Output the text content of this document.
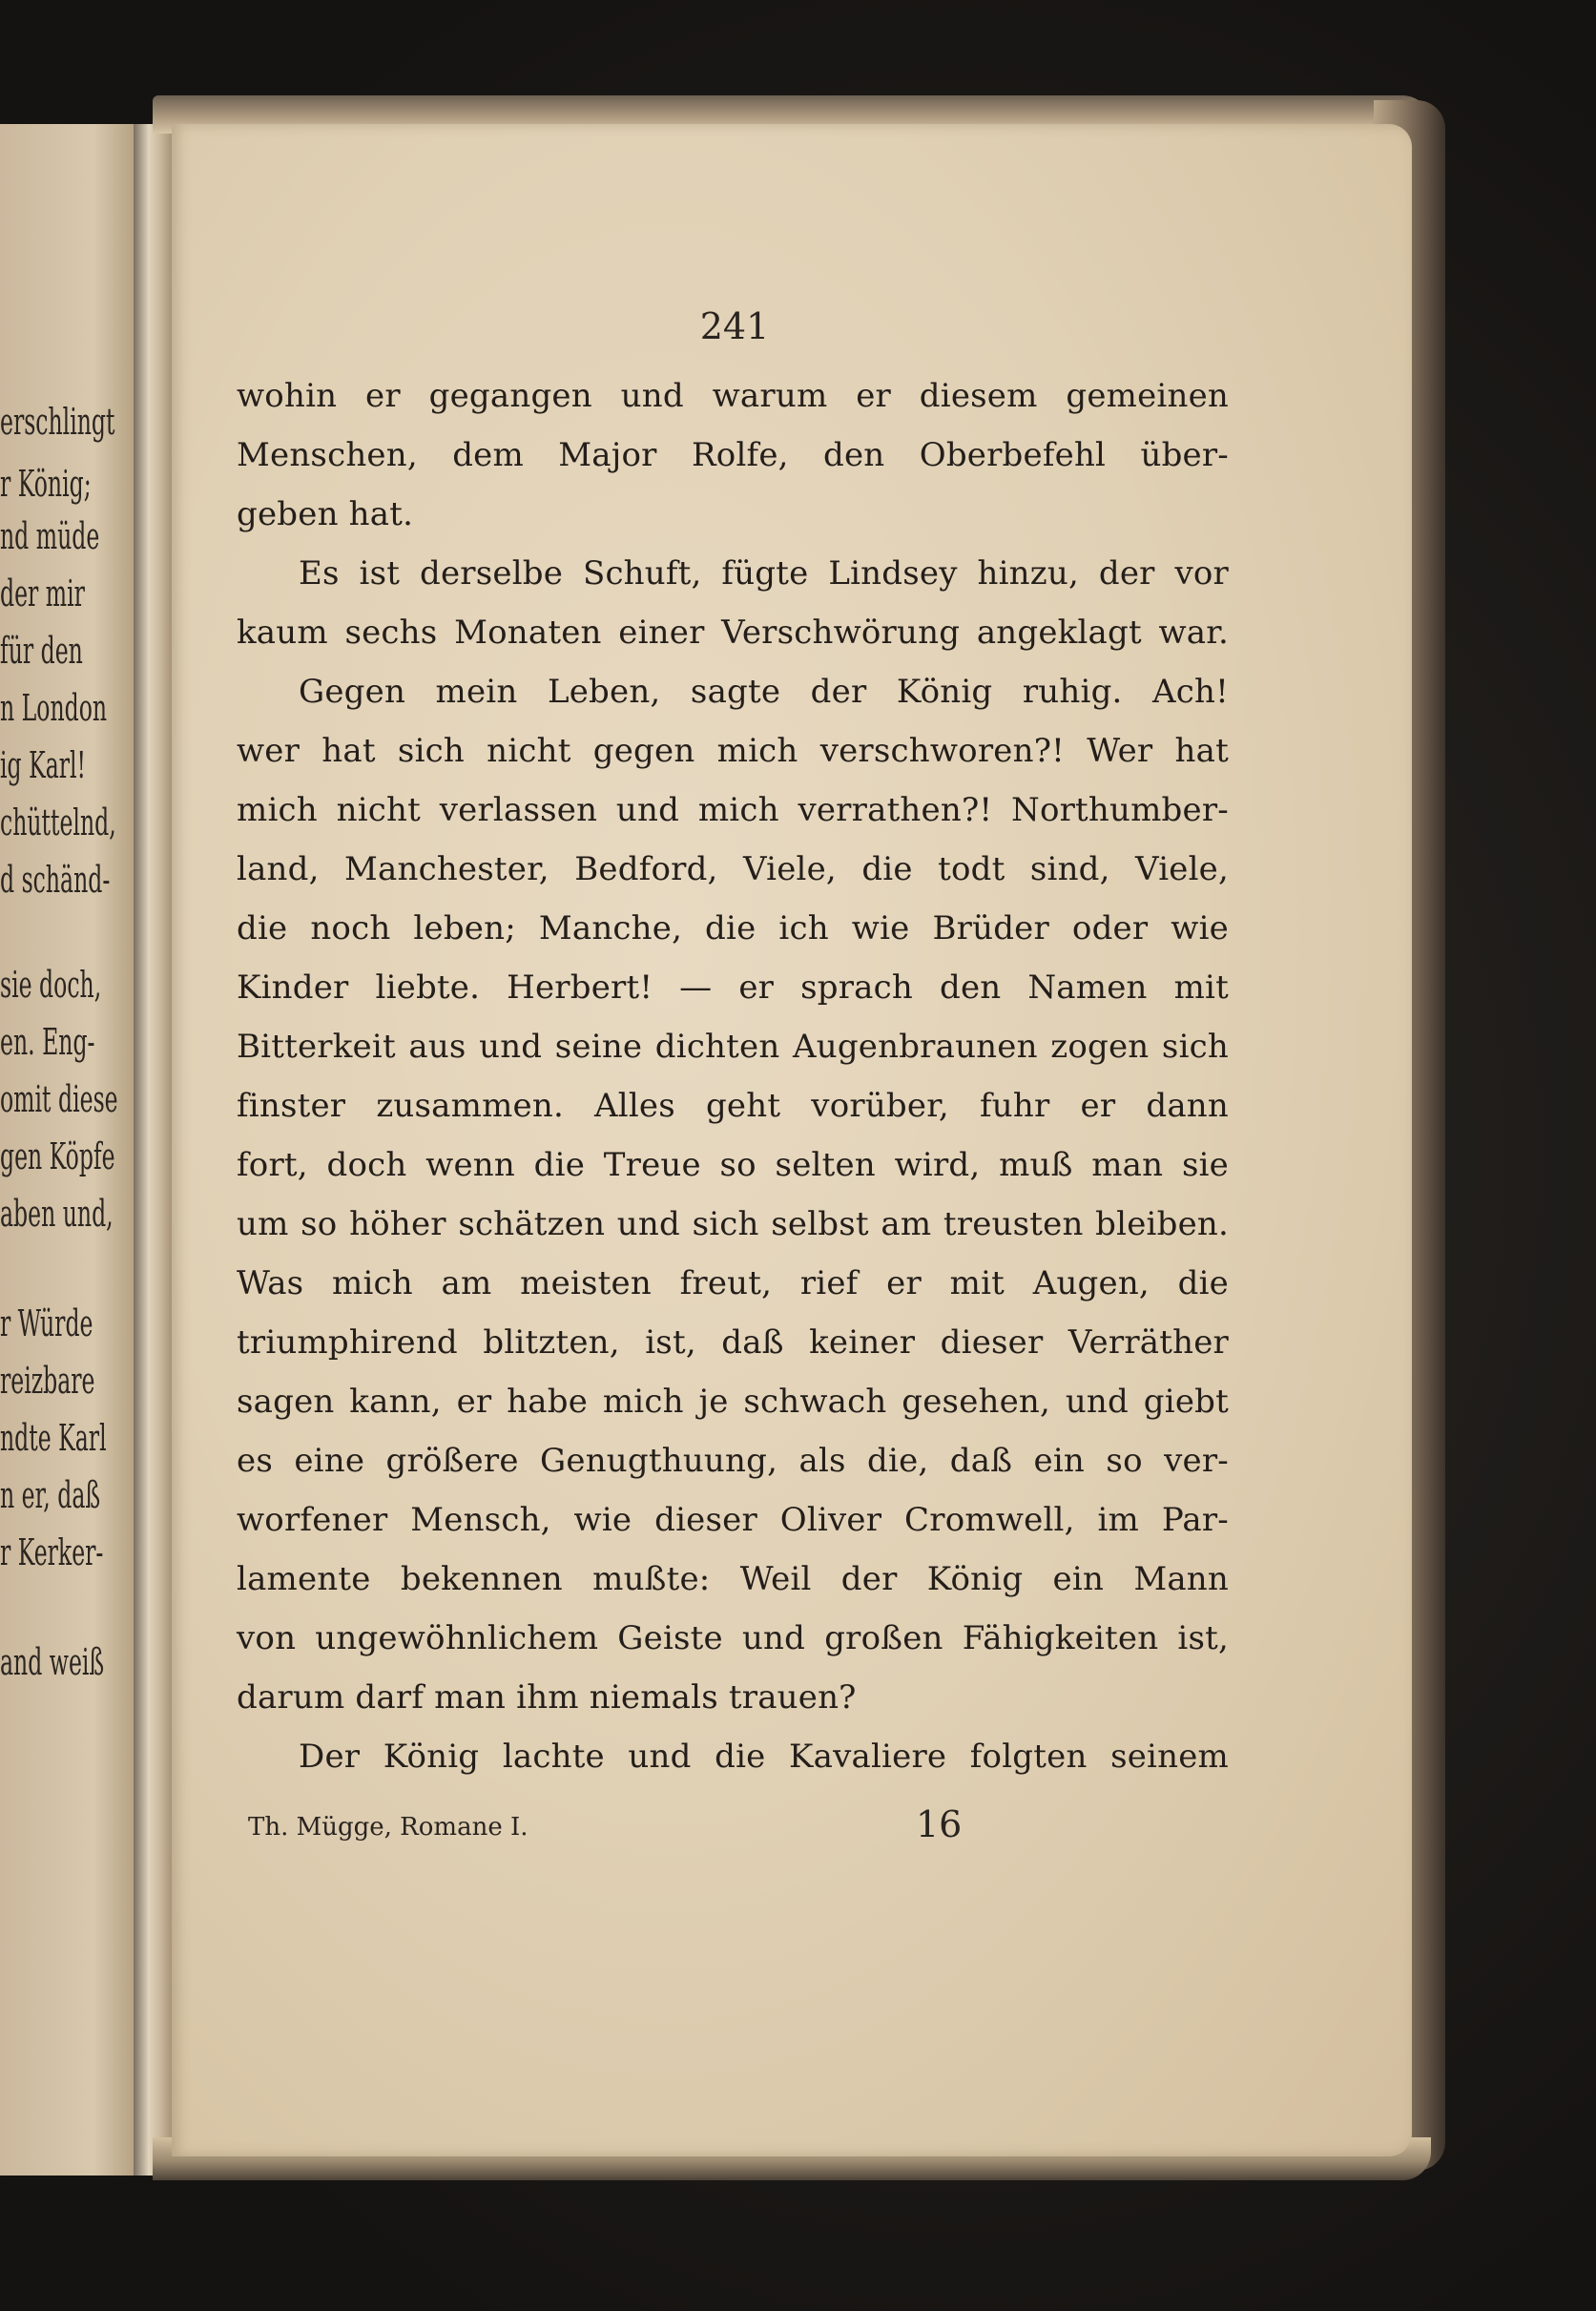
erschlingt
r König;
nd müde
der mir
für den
n London
ig Karl!
chüttelnd,
d schänd-
sie doch,
en. Eng-
omit diese
gen Köpfe
aben und,
r Würde
reizbare
ndte Karl
n er, daß
r Kerker-
and weiß
241
wohin er gegangen und warum er diesem gemeinen
Menschen, dem Major Rolfe, den Oberbefehl über-
geben hat.
Es ist derselbe Schuft, fügte Lindsey hinzu, der vor
kaum sechs Monaten einer Verschwörung angeklagt war.
Gegen mein Leben, sagte der König ruhig. Ach!
wer hat sich nicht gegen mich verschworen?! Wer hat
mich nicht verlassen und mich verrathen?! Northumber-
land, Manchester, Bedford, Viele, die todt sind, Viele,
die noch leben; Manche, die ich wie Brüder oder wie
Kinder liebte. Herbert! — er sprach den Namen mit
Bitterkeit aus und seine dichten Augenbraunen zogen sich
finster zusammen. Alles geht vorüber, fuhr er dann
fort, doch wenn die Treue so selten wird, muß man sie
um so höher schätzen und sich selbst am treusten bleiben.
Was mich am meisten freut, rief er mit Augen, die
triumphirend blitzten, ist, daß keiner dieser Verräther
sagen kann, er habe mich je schwach gesehen, und giebt
es eine größere Genugthuung, als die, daß ein so ver-
worfener Mensch, wie dieser Oliver Cromwell, im Par-
lamente bekennen mußte: Weil der König ein Mann
von ungewöhnlichem Geiste und großen Fähigkeiten ist,
darum darf man ihm niemals trauen?
Der König lachte und die Kavaliere folgten seinem
Th. Mügge, Romane I.	16
